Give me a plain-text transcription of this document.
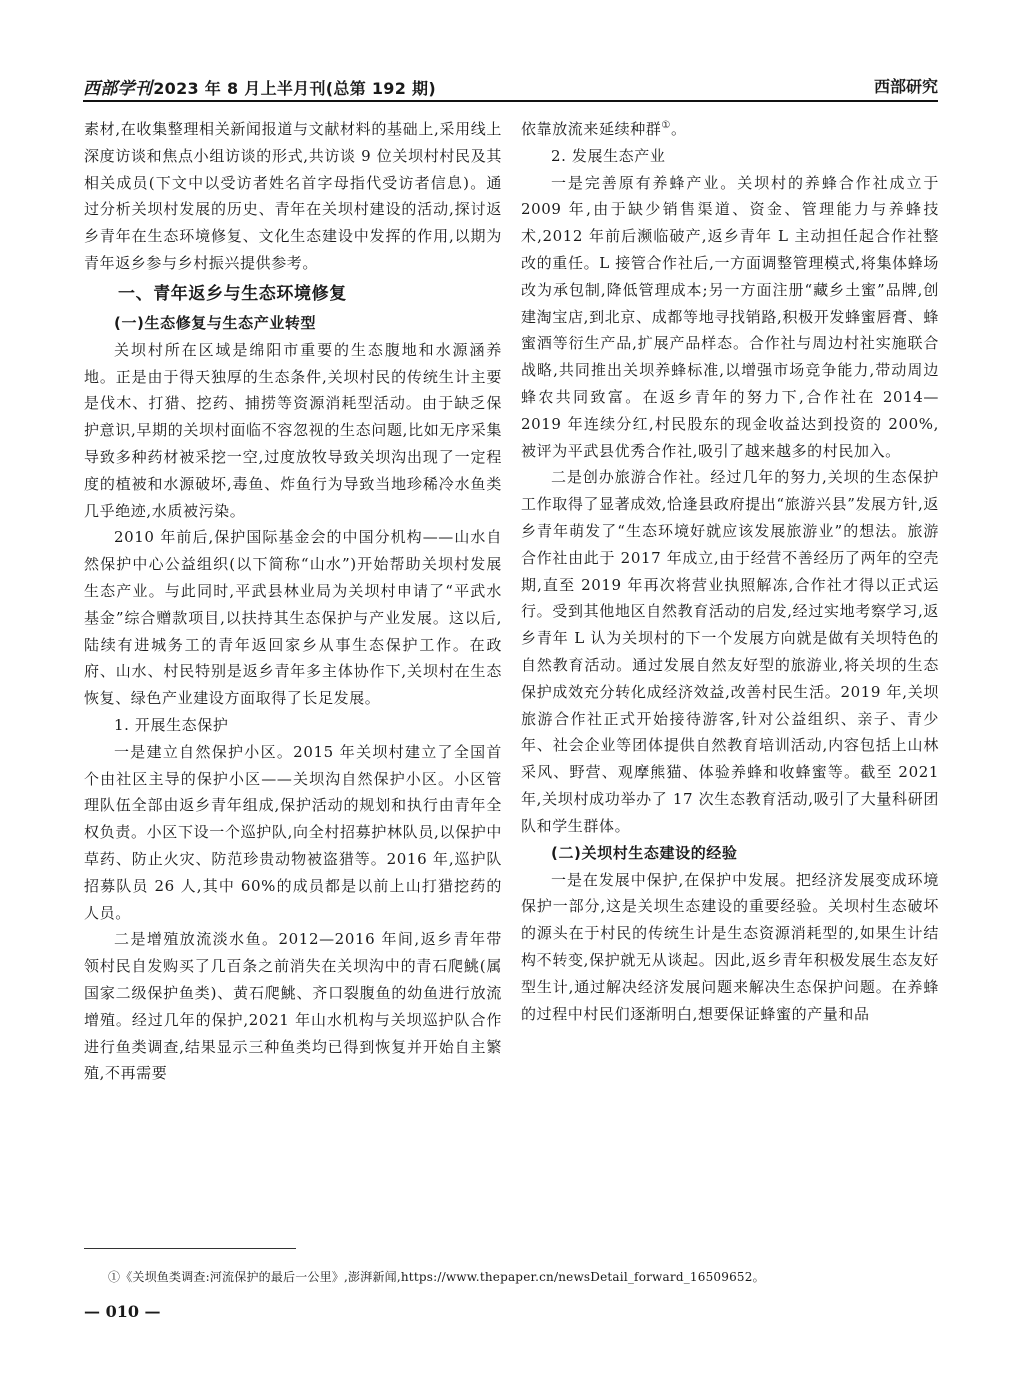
西部学刊2023 年 8 月上半月刊(总第 192 期)	西部研究

素材,在收集整理相关新闻报道与文献材料的基础上,采用线上深度访谈和焦点小组访谈的形式,共访谈 9 位关坝村村民及其相关成员(下文中以受访者姓名首字母指代受访者信息)。通过分析关坝村发展的历史、青年在关坝村建设的活动,探讨返乡青年在生态环境修复、文化生态建设中发挥的作用,以期为青年返乡参与乡村振兴提供参考。

一、青年返乡与生态环境修复
(一)生态修复与生态产业转型

关坝村所在区域是绵阳市重要的生态腹地和水源涵养地。正是由于得天独厚的生态条件,关坝村民的传统生计主要是伐木、打猎、挖药、捕捞等资源消耗型活动。由于缺乏保护意识,早期的关坝村面临不容忽视的生态问题,比如无序采集导致多种药材被采挖一空,过度放牧导致关坝沟出现了一定程度的植被和水源破坏,毒鱼、炸鱼行为导致当地珍稀冷水鱼类几乎绝迹,水质被污染。

2010 年前后,保护国际基金会的中国分机构——山水自然保护中心公益组织(以下简称“山水”)开始帮助关坝村发展生态产业。与此同时,平武县林业局为关坝村申请了“平武水基金”综合赠款项目,以扶持其生态保护与产业发展。这以后,陆续有进城务工的青年返回家乡从事生态保护工作。在政府、山水、村民特别是返乡青年多主体协作下,关坝村在生态恢复、绿色产业建设方面取得了长足发展。

1. 开展生态保护

一是建立自然保护小区。2015 年关坝村建立了全国首个由社区主导的保护小区——关坝沟自然保护小区。小区管理队伍全部由返乡青年组成,保护活动的规划和执行由青年全权负责。小区下设一个巡护队,向全村招募护林队员,以保护中草药、防止火灾、防范珍贵动物被盗猎等。2016 年,巡护队招募队员 26 人,其中 60%的成员都是以前上山打猎挖药的人员。

二是增殖放流淡水鱼。2012—2016 年间,返乡青年带领村民自发购买了几百条之前消失在关坝沟中的青石爬鮡(属国家二级保护鱼类)、黄石爬鮡、齐口裂腹鱼的幼鱼进行放流增殖。经过几年的保护,2021 年山水机构与关坝巡护队合作进行鱼类调查,结果显示三种鱼类均已得到恢复并开始自主繁殖,不再需要

依靠放流来延续种群①。

2. 发展生态产业

一是完善原有养蜂产业。关坝村的养蜂合作社成立于 2009 年,由于缺少销售渠道、资金、管理能力与养蜂技术,2012 年前后濒临破产,返乡青年 L 主动担任起合作社整改的重任。L 接管合作社后,一方面调整管理模式,将集体蜂场改为承包制,降低管理成本;另一方面注册“藏乡土蜜”品牌,创建淘宝店,到北京、成都等地寻找销路,积极开发蜂蜜唇膏、蜂蜜酒等衍生产品,扩展产品样态。合作社与周边村社实施联合战略,共同推出关坝养蜂标准,以增强市场竞争能力,带动周边蜂农共同致富。在返乡青年的努力下,合作社在 2014—2019 年连续分红,村民股东的现金收益达到投资的 200%,被评为平武县优秀合作社,吸引了越来越多的村民加入。

二是创办旅游合作社。经过几年的努力,关坝的生态保护工作取得了显著成效,恰逢县政府提出“旅游兴县”发展方针,返乡青年萌发了“生态环境好就应该发展旅游业”的想法。旅游合作社由此于 2017 年成立,由于经营不善经历了两年的空壳期,直至 2019 年再次将营业执照解冻,合作社才得以正式运行。受到其他地区自然教育活动的启发,经过实地考察学习,返乡青年 L 认为关坝村的下一个发展方向就是做有关坝特色的自然教育活动。通过发展自然友好型的旅游业,将关坝的生态保护成效充分转化成经济效益,改善村民生活。2019 年,关坝旅游合作社正式开始接待游客,针对公益组织、亲子、青少年、社会企业等团体提供自然教育培训活动,内容包括上山林采风、野营、观摩熊猫、体验养蜂和收蜂蜜等。截至 2021 年,关坝村成功举办了 17 次生态教育活动,吸引了大量科研团队和学生群体。

(二)关坝村生态建设的经验

一是在发展中保护,在保护中发展。把经济发展变成环境保护一部分,这是关坝生态建设的重要经验。关坝村生态破坏的源头在于村民的传统生计是生态资源消耗型的,如果生计结构不转变,保护就无从谈起。因此,返乡青年积极发展生态友好型生计,通过解决经济发展问题来解决生态保护问题。在养蜂的过程中村民们逐渐明白,想要保证蜂蜜的产量和品

①《关坝鱼类调查:河流保护的最后一公里》,澎湃新闻,https://www.thepaper.cn/newsDetail_forward_16509652。
— 010 —
